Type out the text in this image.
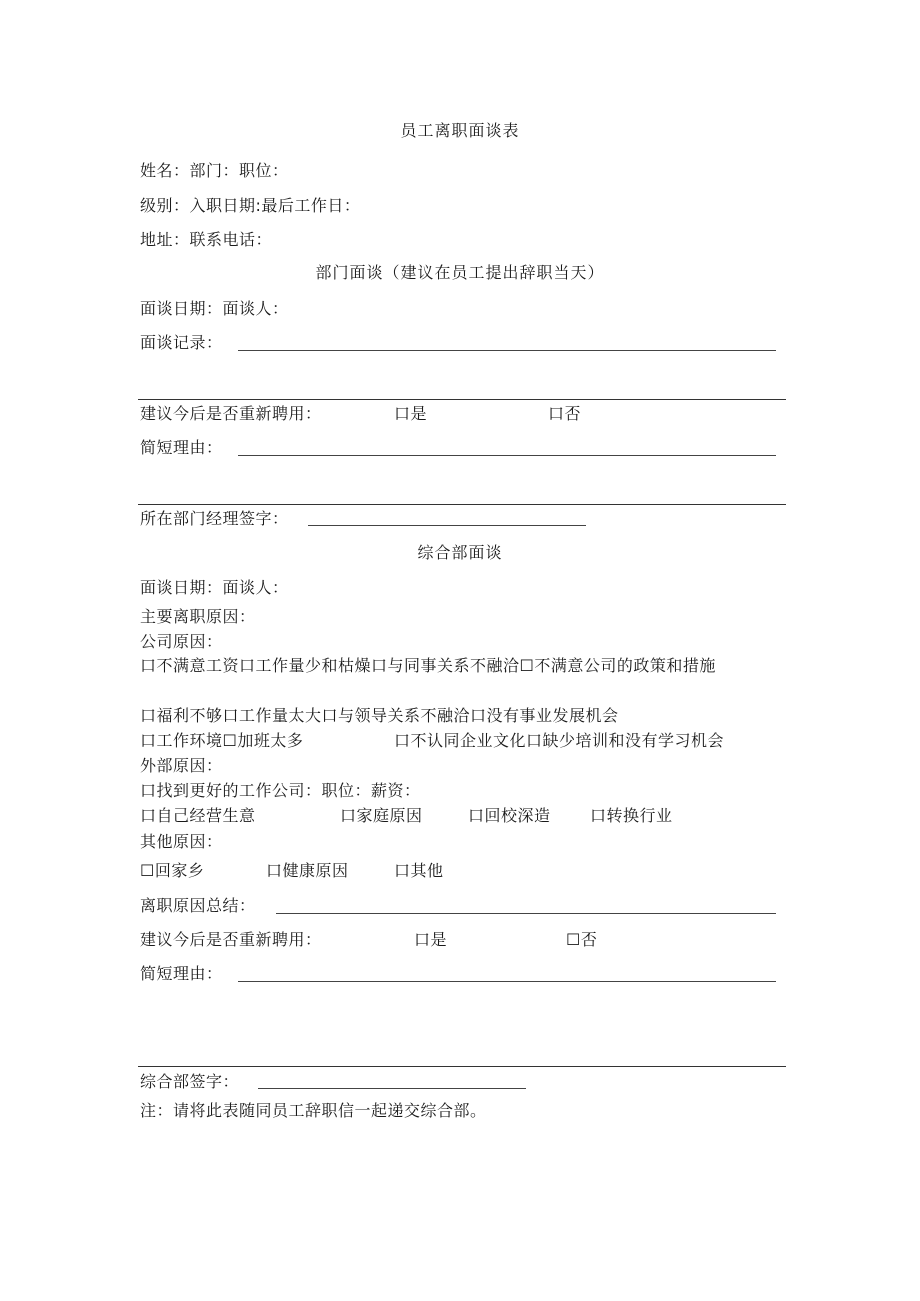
员工离职面谈表
姓名：部门：职位：
级别：入职日期:最后工作日：
地址：联系电话：
部门面谈（建议在员工提出辞职当天）
面谈日期：面谈人：
面谈记录：
建议今后是否重新聘用：	口是	口否
简短理由：
所在部门经理签字：
综合部面谈
面谈日期：面谈人：
主要离职原因：
公司原因：
口不满意工资口工作量少和枯燥口与同事关系不融洽☐不满意公司的政策和措施
口福利不够口工作量太大口与领导关系不融洽口没有事业发展机会
口工作环境☐加班太多	口不认同企业文化口缺少培训和没有学习机会
外部原因：
口找到更好的工作公司：职位：薪资：
口自己经营生意	口家庭原因	口回校深造 口转换行业
其他原因：
☐回家乡	口健康原因	口其他
离职原因总结：
建议今后是否重新聘用：	口是	☐否
简短理由：
综合部签字：
注：请将此表随同员工辞职信一起递交综合部。
